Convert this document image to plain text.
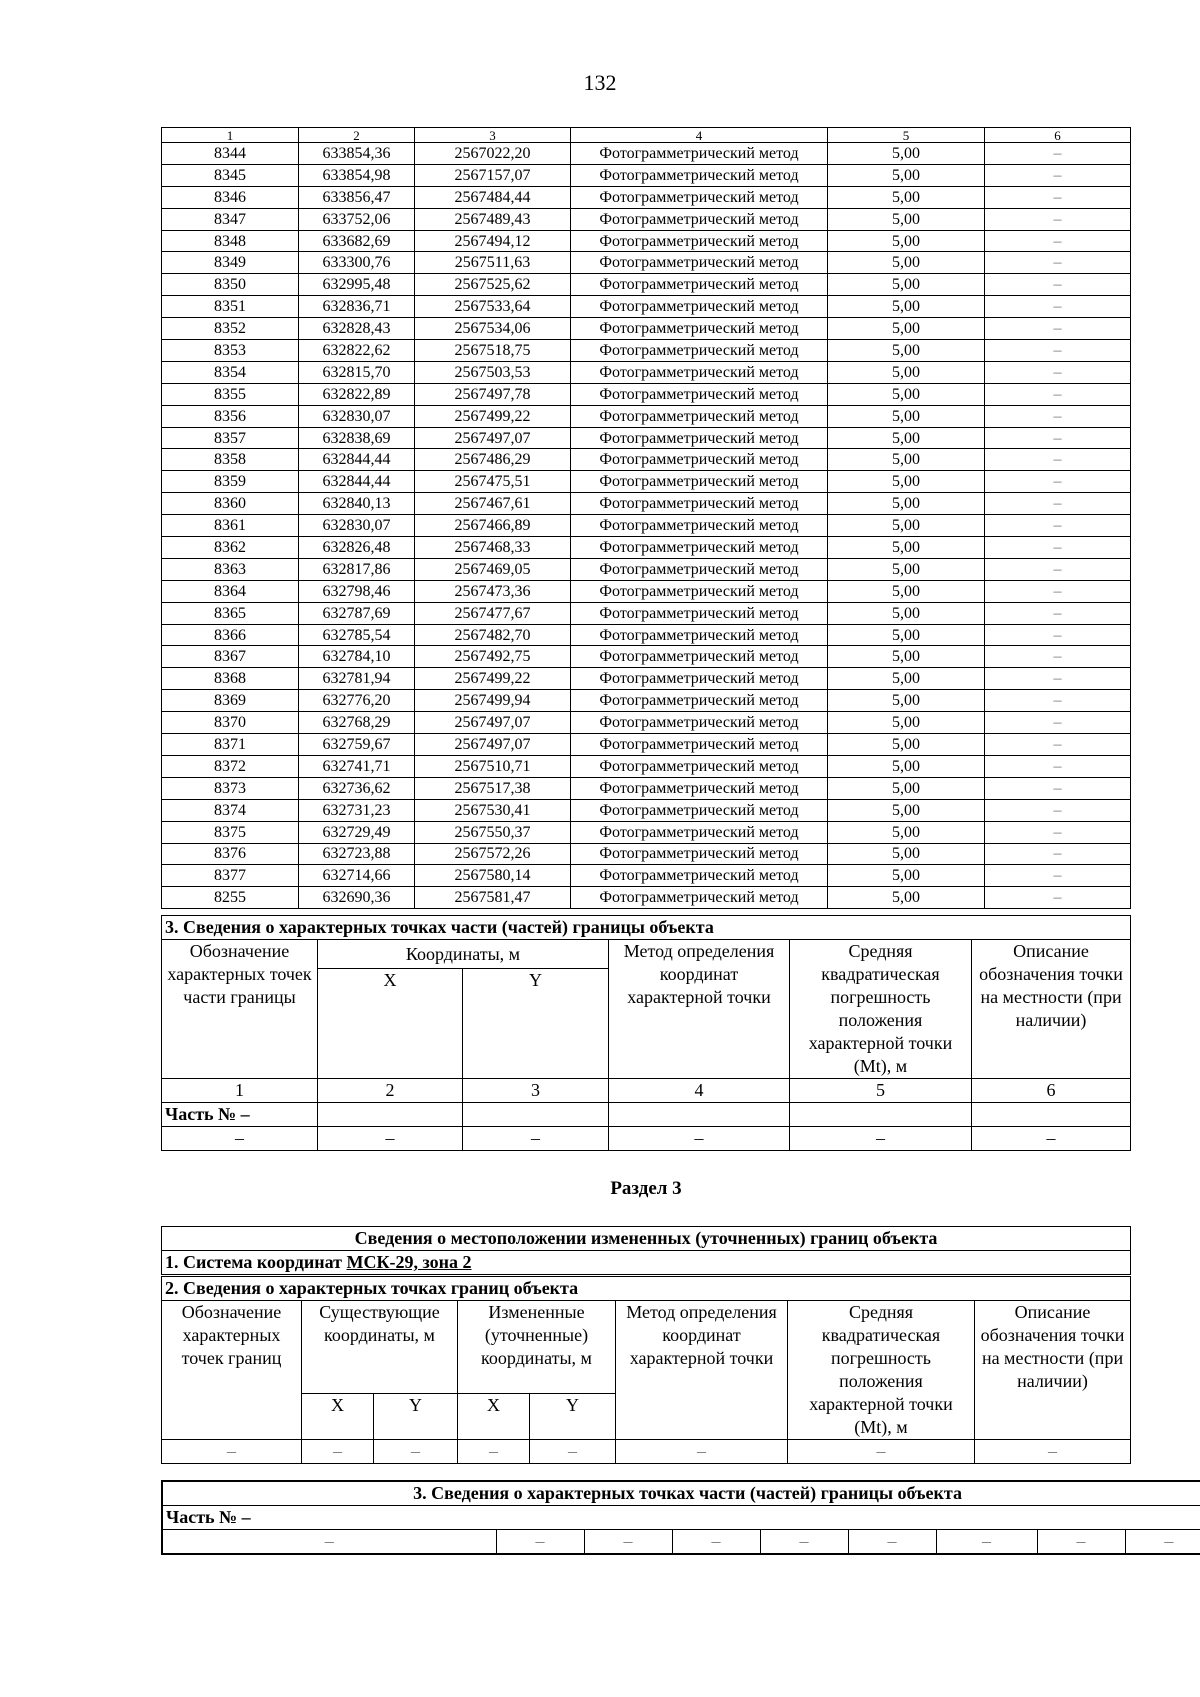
132
1	2	3	4	5	6
8344	633854,36	2567022,20	Фотограмметрический метод	5,00	–
8345	633854,98	2567157,07	Фотограмметрический метод	5,00	–
8346	633856,47	2567484,44	Фотограмметрический метод	5,00	–
8347	633752,06	2567489,43	Фотограмметрический метод	5,00	–
8348	633682,69	2567494,12	Фотограмметрический метод	5,00	–
8349	633300,76	2567511,63	Фотограмметрический метод	5,00	–
8350	632995,48	2567525,62	Фотограмметрический метод	5,00	–
8351	632836,71	2567533,64	Фотограмметрический метод	5,00	–
8352	632828,43	2567534,06	Фотограмметрический метод	5,00	–
8353	632822,62	2567518,75	Фотограмметрический метод	5,00	–
8354	632815,70	2567503,53	Фотограмметрический метод	5,00	–
8355	632822,89	2567497,78	Фотограмметрический метод	5,00	–
8356	632830,07	2567499,22	Фотограмметрический метод	5,00	–
8357	632838,69	2567497,07	Фотограмметрический метод	5,00	–
8358	632844,44	2567486,29	Фотограмметрический метод	5,00	–
8359	632844,44	2567475,51	Фотограмметрический метод	5,00	–
8360	632840,13	2567467,61	Фотограмметрический метод	5,00	–
8361	632830,07	2567466,89	Фотограмметрический метод	5,00	–
8362	632826,48	2567468,33	Фотограмметрический метод	5,00	–
8363	632817,86	2567469,05	Фотограмметрический метод	5,00	–
8364	632798,46	2567473,36	Фотограмметрический метод	5,00	–
8365	632787,69	2567477,67	Фотограмметрический метод	5,00	–
8366	632785,54	2567482,70	Фотограмметрический метод	5,00	–
8367	632784,10	2567492,75	Фотограмметрический метод	5,00	–
8368	632781,94	2567499,22	Фотограмметрический метод	5,00	–
8369	632776,20	2567499,94	Фотограмметрический метод	5,00	–
8370	632768,29	2567497,07	Фотограмметрический метод	5,00	–
8371	632759,67	2567497,07	Фотограмметрический метод	5,00	–
8372	632741,71	2567510,71	Фотограмметрический метод	5,00	–
8373	632736,62	2567517,38	Фотограмметрический метод	5,00	–
8374	632731,23	2567530,41	Фотограмметрический метод	5,00	–
8375	632729,49	2567550,37	Фотограмметрический метод	5,00	–
8376	632723,88	2567572,26	Фотограмметрический метод	5,00	–
8377	632714,66	2567580,14	Фотограмметрический метод	5,00	–
8255	632690,36	2567581,47	Фотограмметрический метод	5,00	–
3. Сведения о характерных точках части (частей) границы объекта					
Обозначение характерных точек части границы	Координаты, м		Метод определения координат характерной точки	Средняя квадратическая погрешность положения характерной точки (Mt), м	Описание обозначения точки на местности (при наличии)
	X	Y			
1	2	3	4	5	6
Часть № –					
–	–	–	–	–	–
Раздел 3
Сведения о местоположении измененных (уточненных) границ объекта							
1. Система координат МСК-29, зона 2							
2. Сведения о характерных точках границ объекта							
Обозначение характерных точек границ	Существующие координаты, м		Измененные (уточненные) координаты, м		Метод определения координат характерной точки	Средняя квадратическая погрешность положения характерной точки (Mt), м	Описание обозначения точки на местности (при наличии)
	X	Y	X	Y			
–	–	–	–	–	–	–	–
3. Сведения о характерных точках части (частей) границы объекта
Часть № –
–	–	–	–	–	–	–	–	–
